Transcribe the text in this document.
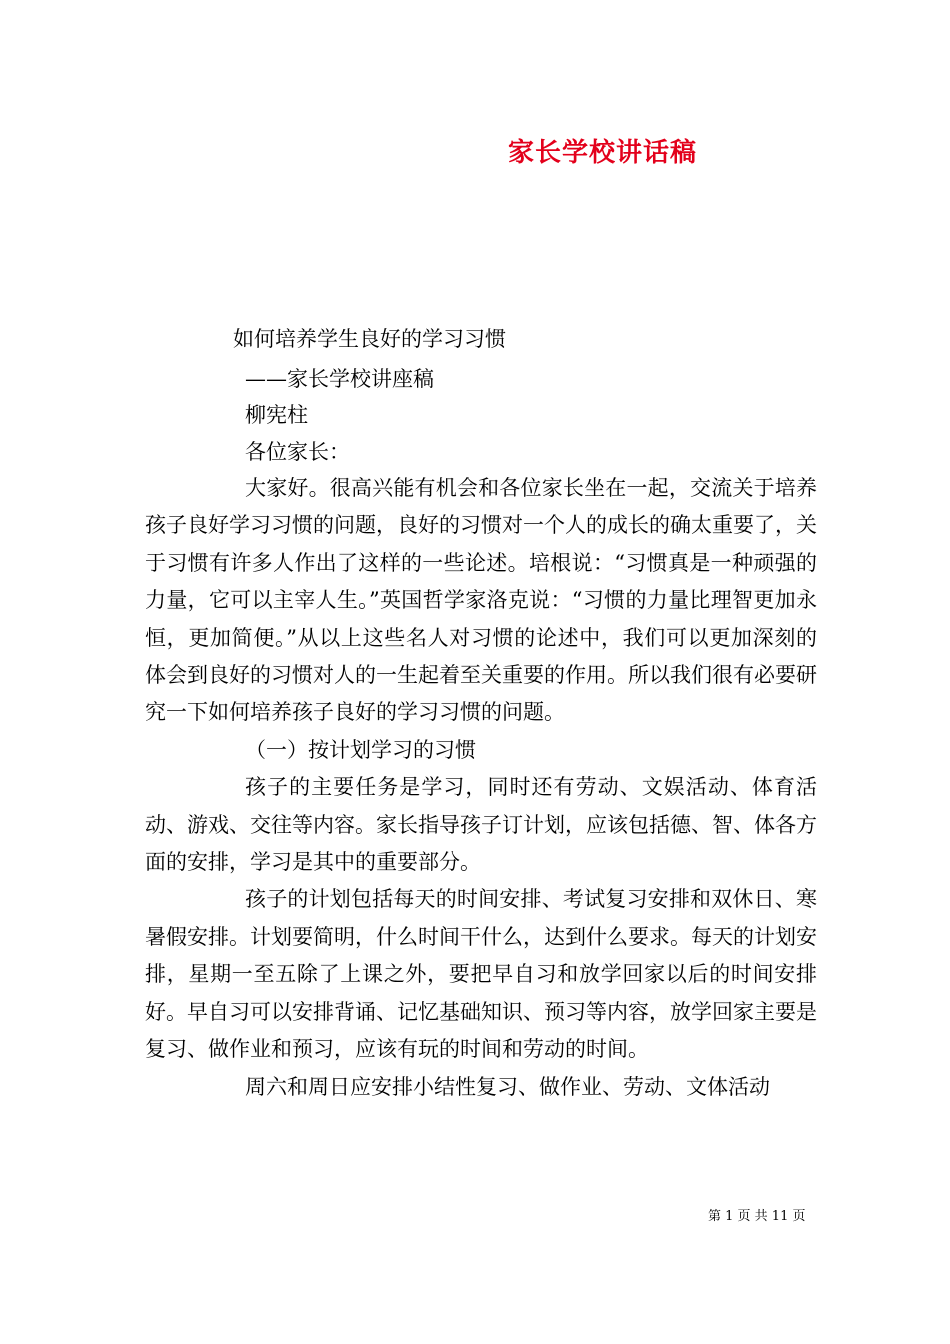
家长学校讲话稿
如何培养学生良好的学习习惯
——家长学校讲座稿
柳宪柱
各位家长：

大家好。很高兴能有机会和各位家长坐在一起，交流关于培养孩子良好学习习惯的问题，良好的习惯对一个人的成长的确太重要了，关于习惯有许多人作出了这样的一些论述。培根说：“习惯真是一种顽强的力量，它可以主宰人生。”英国哲学家洛克说：“习惯的力量比理智更加永恒，更加简便。”从以上这些名人对习惯的论述中，我们可以更加深刻的体会到良好的习惯对人的一生起着至关重要的作用。所以我们很有必要研究一下如何培养孩子良好的学习习惯的问题。

（一）按计划学习的习惯

孩子的主要任务是学习，同时还有劳动、文娱活动、体育活动、游戏、交往等内容。家长指导孩子订计划，应该包括德、智、体各方面的安排，学习是其中的重要部分。

孩子的计划包括每天的时间安排、考试复习安排和双休日、寒暑假安排。计划要简明，什么时间干什么，达到什么要求。每天的计划安排，星期一至五除了上课之外，要把早自习和放学回家以后的时间安排好。早自习可以安排背诵、记忆基础知识、预习等内容，放学回家主要是复习、做作业和预习，应该有玩的时间和劳动的时间。

周六和周日应安排小结性复习、做作业、劳动、文体活动

第 1 页 共 11 页
